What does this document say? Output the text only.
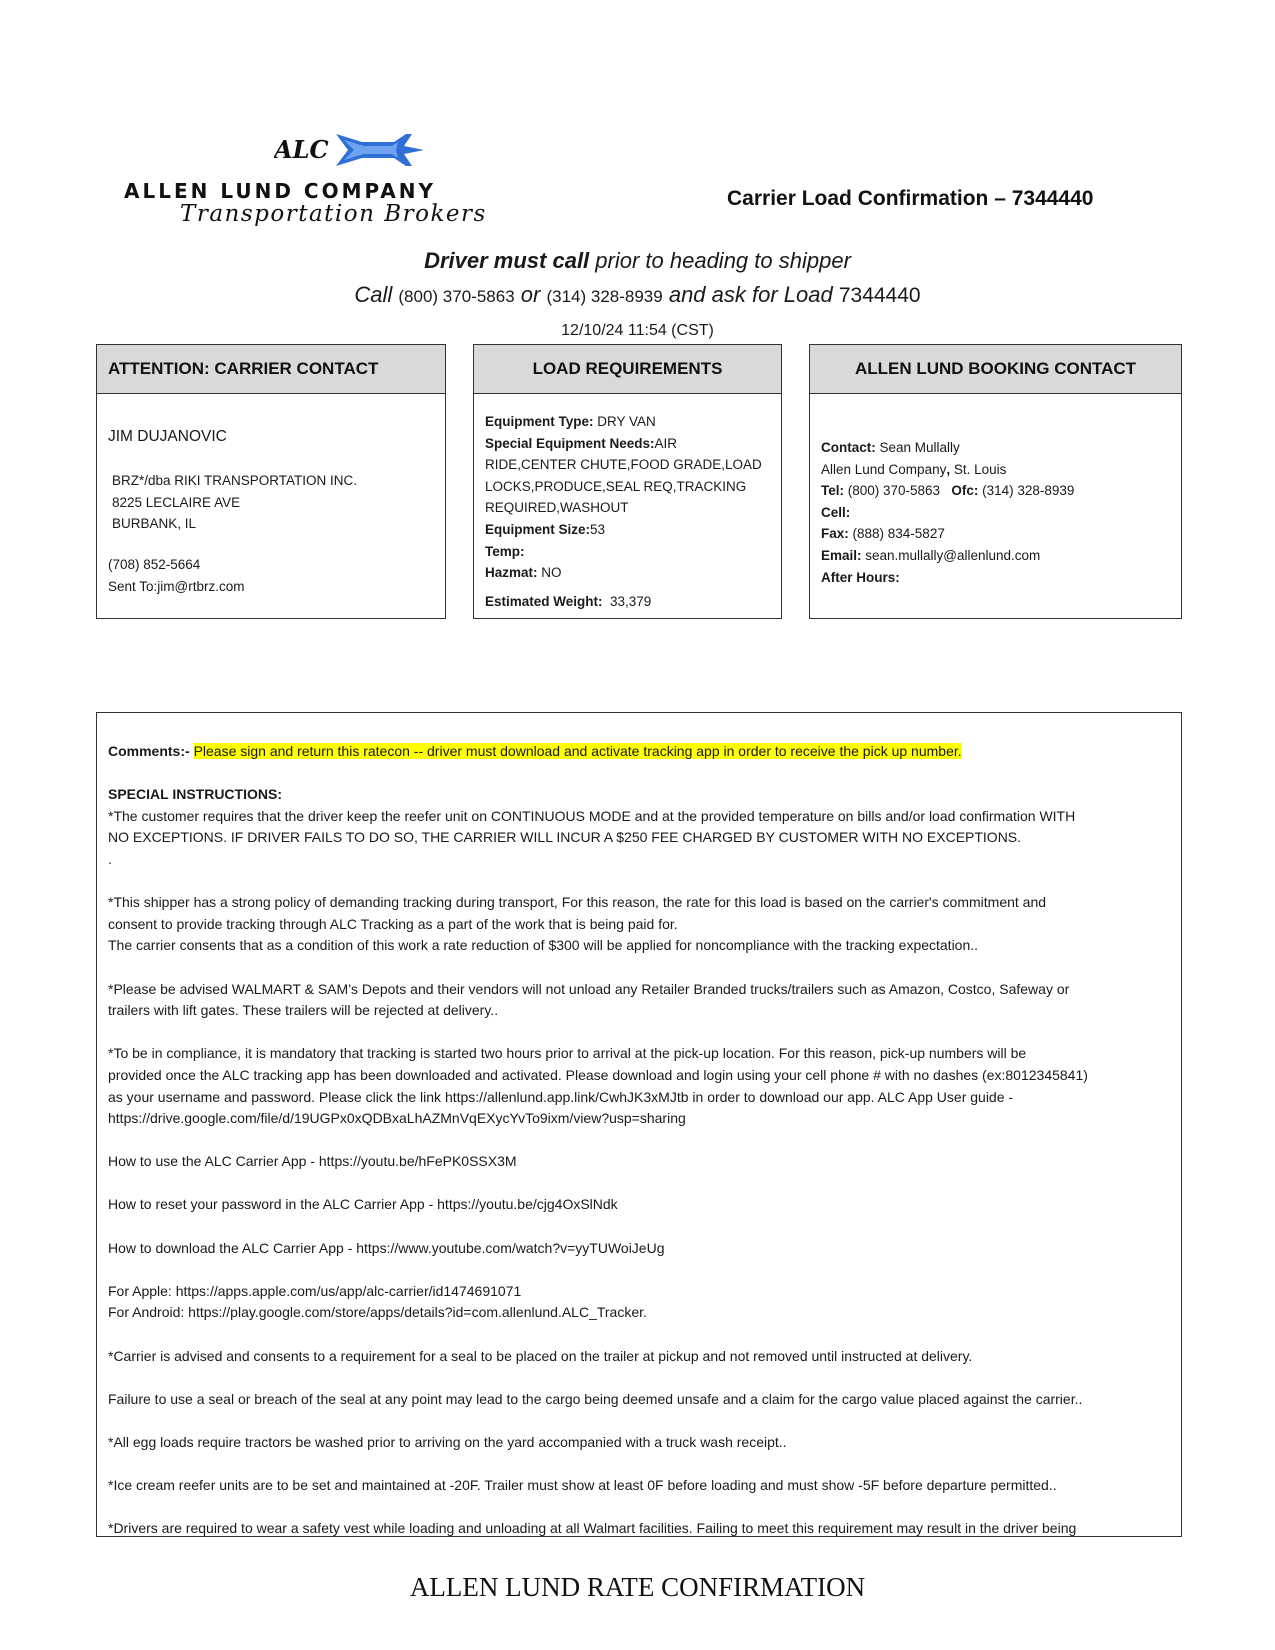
ALC
ALLEN LUND COMPANY
Transportation Brokers
Carrier Load Confirmation – 7344440
Driver must call prior to heading to shipper
Call (800) 370-5863 or (314) 328-8939 and ask for Load 7344440
12/10/24 11:54 (CST)
ATTENTION: CARRIER CONTACT
JIM DUJANOVIC
BRZ*/dba RIKI TRANSPORTATION INC.
8225 LECLAIRE AVE
BURBANK, IL
(708) 852-5664
Sent To:jim@rtbrz.com
LOAD REQUIREMENTS
Equipment Type: DRY VAN
Special Equipment Needs:AIR
RIDE,CENTER CHUTE,FOOD GRADE,LOAD
LOCKS,PRODUCE,SEAL REQ,TRACKING
REQUIRED,WASHOUT
Equipment Size:53
Temp:
Hazmat: NO
Estimated Weight:  33,379
ALLEN LUND BOOKING CONTACT
Contact: Sean Mullally
Allen Lund Company, St. Louis
Tel: (800) 370-5863 Ofc: (314) 328-8939
Cell:
Fax: (888) 834-5827
Email: sean.mullally@allenlund.com
After Hours:

Comments:- Please sign and return this ratecon -- driver must download and activate tracking app in order to receive the pick up number.

SPECIAL INSTRUCTIONS:
*The customer requires that the driver keep the reefer unit on CONTINUOUS MODE and at the provided temperature on bills and/or load confirmation WITH
NO EXCEPTIONS. IF DRIVER FAILS TO DO SO, THE CARRIER WILL INCUR A $250 FEE CHARGED BY CUSTOMER WITH NO EXCEPTIONS.

.

*This shipper has a strong policy of demanding tracking during transport, For this reason, the rate for this load is based on the carrier's commitment and
consent to provide tracking through ALC Tracking as a part of the work that is being paid for.

The carrier consents that as a condition of this work a rate reduction of $300 will be applied for noncompliance with the tracking expectation..

*Please be advised WALMART & SAM’s Depots and their vendors will not unload any Retailer Branded trucks/trailers such as Amazon, Costco, Safeway or

trailers with lift gates. These trailers will be rejected at delivery..

*To be in compliance, it is mandatory that tracking is started two hours prior to arrival at the pick-up location. For this reason, pick-up numbers will be
provided once the ALC tracking app has been downloaded and activated. Please download and login using your cell phone # with no dashes (ex:8012345841)
as your username and password. Please click the link https://allenlund.app.link/CwhJK3xMJtb in order to download our app. ALC App User guide -

https://drive.google.com/file/d/19UGPx0xQDBxaLhAZMnVqEXycYvTo9ixm/view?usp=sharing

How to use the ALC Carrier App - https://youtu.be/hFePK0SSX3M

How to reset your password in the ALC Carrier App - https://youtu.be/cjg4OxSlNdk

How to download the ALC Carrier App - https://www.youtube.com/watch?v=yyTUWoiJeUg

For Apple: https://apps.apple.com/us/app/alc-carrier/id1474691071

For Android: https://play.google.com/store/apps/details?id=com.allenlund.ALC_Tracker.

*Carrier is advised and consents to a requirement for a seal to be placed on the trailer at pickup and not removed until instructed at delivery.

Failure to use a seal or breach of the seal at any point may lead to the cargo being deemed unsafe and a claim for the cargo value placed against the carrier..

*All egg loads require tractors be washed prior to arriving on the yard accompanied with a truck wash receipt..

*Ice cream reefer units are to be set and maintained at -20F. Trailer must show at least 0F before loading and must show -5F before departure permitted..

*Drivers are required to wear a safety vest while loading and unloading at all Walmart facilities. Failing to meet this requirement may result in the driver being

ALLEN LUND RATE CONFIRMATION
